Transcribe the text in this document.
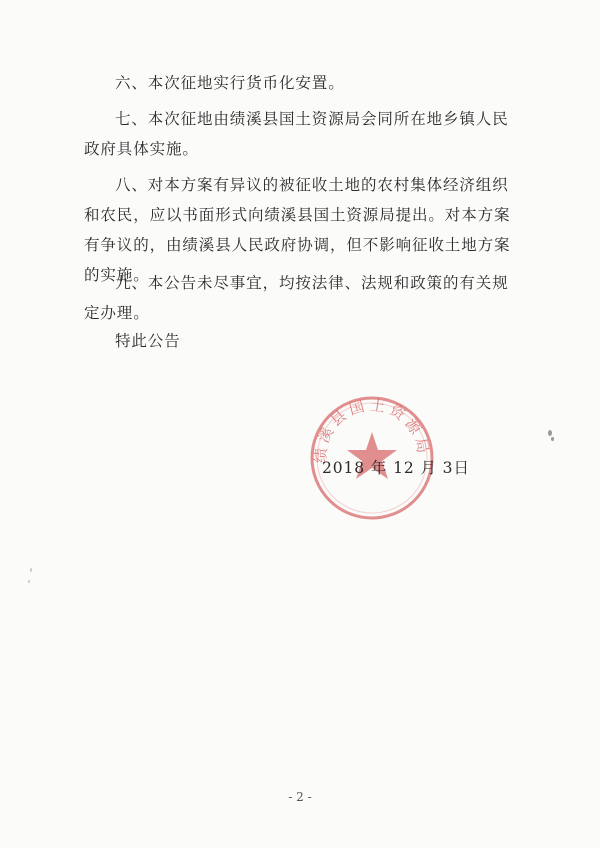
六、本次征地实行货币化安置。

七、本次征地由绩溪县国土资源局会同所在地乡镇人民政府具体实施。

八、对本方案有异议的被征收土地的农村集体经济组织和农民，应以书面形式向绩溪县国土资源局提出。对本方案有争议的，由绩溪县人民政府协调，但不影响征收土地方案的实施。

九、本公告未尽事宜，均按法律、法规和政策的有关规定办理。

特此公告

绩溪县国土资源局
2018 年 12 月 3日
- 2 -
